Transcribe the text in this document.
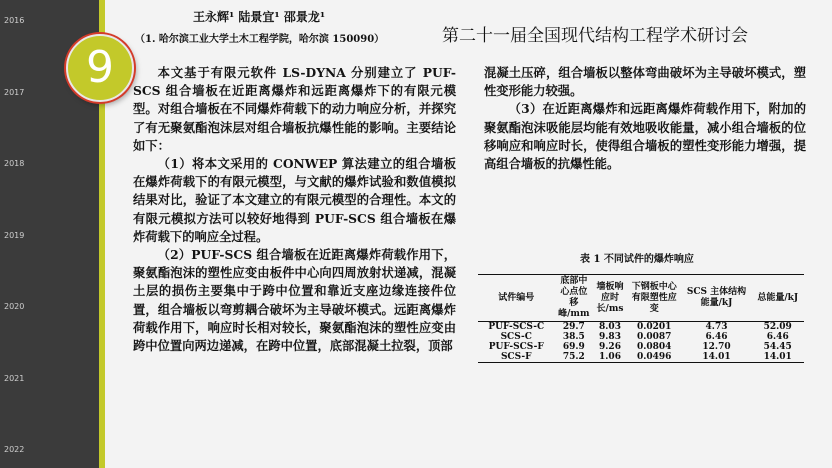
2016
2017
2018
2019
2020
2021
2022
9
王永辉¹ 陆景宜¹ 邵景龙¹
（1. 哈尔滨工业大学土木工程学院，哈尔滨 150090）	第二十一届全国现代结构工程学术研讨会

本文基于有限元软件 LS-DYNA 分别建立了 PUF-SCS 组合墙板在近距离爆炸和远距离爆炸下的有限元模型。对组合墙板在不同爆炸荷载下的动力响应分析，并探究了有无聚氨酯泡沫层对组合墙板抗爆性能的影响。主要结论如下：

（1）将本文采用的 CONWEP 算法建立的组合墙板在爆炸荷载下的有限元模型，与文献的爆炸试验和数值模拟结果对比，验证了本文建立的有限元模型的合理性。本文的有限元模拟方法可以较好地得到 PUF-SCS 组合墙板在爆炸荷载下的响应全过程。

（2）PUF-SCS 组合墙板在近距离爆炸荷载作用下，聚氨酯泡沫的塑性应变由板件中心向四周放射状递减，混凝土层的损伤主要集中于跨中位置和靠近支座边缘连接件位置，组合墙板以弯剪耦合破坏为主导破坏模式。远距离爆炸荷载作用下，响应时长相对较长，聚氨酯泡沫的塑性应变由跨中位置向两边递减，在跨中位置，底部混凝土拉裂，顶部

混凝土压碎，组合墙板以整体弯曲破坏为主导破坏模式，塑性变形能力较强。

（3）在近距离爆炸和远距离爆炸荷载作用下，附加的聚氨酯泡沫吸能层均能有效地吸收能量，减小组合墙板的位移响应和响应时长，使得组合墙板的塑性变形能力增强，提高组合墙板的抗爆性能。

表 1 不同试件的爆炸响应
试件编号	底部中心点位移峰/mm	墙板响应时长/ms	下钢板中心有限塑性应变	SCS 主体结构能量/kJ	总能量/kJ
PUF-SCS-C	29.7	8.03	0.0201	4.73	52.09
SCS-C	38.5	9.83	0.0087	6.46	6.46
PUF-SCS-F	69.9	9.26	0.0804	12.70	54.45
SCS-F	75.2	1.06	0.0496	14.01	14.01
